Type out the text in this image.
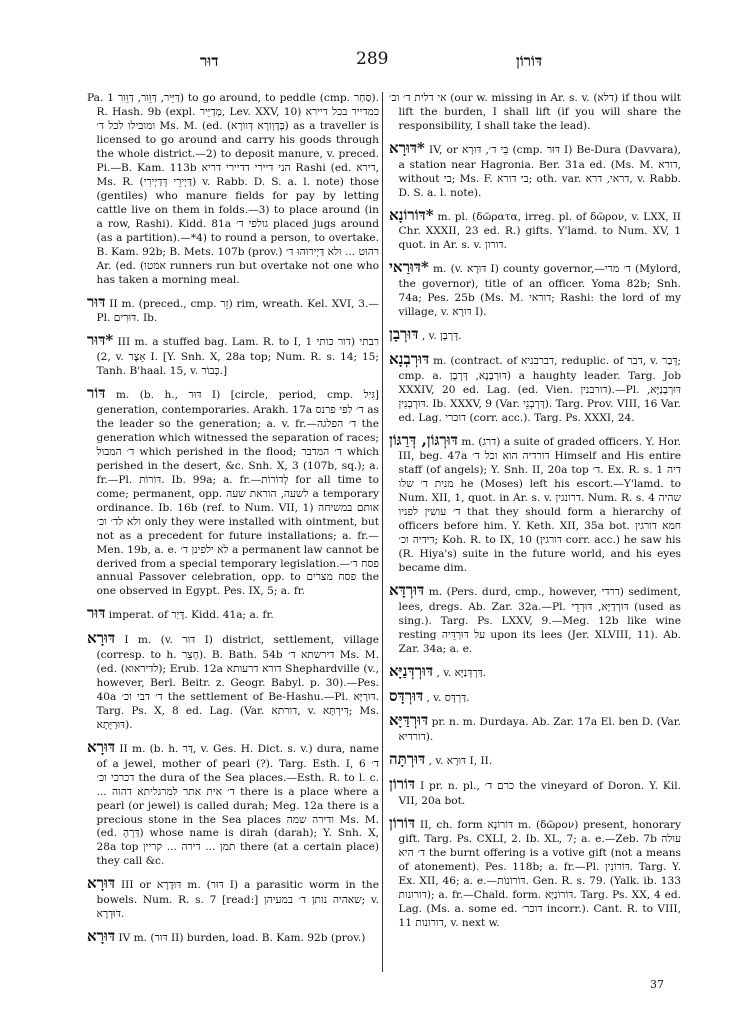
דוּר	289	דּוֹרוֹן

Pa. דַּיֵּיר, דַּוֵּור, דַּוֵּור 1) to go around, to peddle (cmp. סַחַר). R. Hash. 9b (expl. מְדַיֵּיר, Lev. XXV, 10) כמדייר בכל דיירא ומובילו לכל ד׳ Ms. M. (ed. (בְּדָוְורָא דְּווֹרָא) as a traveller is licensed to go around and carry his goods through the whole district.—2) to deposit manure, v. preced. Pi.—B. Kam. 113b הני דיירי דדיירי דריא Rashi (ed. דירא, Ms. R. (דַּיְירֵי דְּדַיְירִי) v. Rabb. D. S. a. l. note) those (gentiles) who manure fields for pay by letting cattle live on them in folds.—3) to place around (in a row, Rashi). Kidd. 81a גולפי ד׳ placed jugs around (as a partition).—*4) to round a person, to overtake. B. Kam. 92b; B. Mets. 107b (prov.) רהוט ... ולא דַּיְירוּהוּ ד׳ Ar. (ed. (אמטו runners run but overtake not one who has taken a morning meal.

דּוּר II m. (preced., cmp. זֵר) rim, wreath. Kel. XVI, 3.— Pl. דּוּרִים. Ib.

*דּוּר III m. a stuffed bag. Lam. R. to I, 1 רבתי (דור כותי 2), v. אָצֶר I. [Y. Snh. X, 28a top; Num. R. s. 14; 15; Tanh. B'haal. 15, v. כְּבוֹר.]

דּוֹר m. (b. h., דּוּר I) [circle, period, cmp. גִּיל] generation, contemporaries. Arakh. 17a ד׳ לפי פרנס as the leader so the generation; a. v. fr.—ד׳ הפלגה the generation which witnessed the separation of races; ד׳ המבול which perished in the flood; ד׳ המדבר which perished in the desert, &c. Snh. X, 3 (107b, sq.); a. fr.—Pl. דּוֹרוֹת. Ib. 99a; a. fr.—לְדוֹרוֹת for all time to come; permanent, opp. לשעה, הוראת שעה a temporary ordinance. Ib. 16b (ref. to Num. VII, 1) אותם במשיחה ולא לד׳ וכ׳ only they were installed with ointment, but not as a precedent for future installations; a. fr.—Men. 19b, a. e. לא ילפינן ד׳ a permanent law cannot be derived from a special temporary legislation.—פסח ד׳ annual Passover celebration, opp. to פסח מצרים the one observed in Egypt. Pes. IX, 5; a. fr.

דּוּר imperat. of דָּיַר. Kidd. 41a; a. fr.

דּוּרָא I m. (v. דּוּר I) district, settlement, village (corresp. to h. חָצֵר). B. Bath. 54b דירשתא ד׳ Ms. M. (ed. (לדיראוא); Erub. 12a דורא דרעותא Shephardville (v., however, Berl. Beitr. z. Geogr. Babyl. p. 30).—Pes. 40a ד׳ דבי וכ׳ the settlement of Be-Hashu.—Pl. דּוּרַיָּא. Targ. Ps. X, 8 ed. Lag. (Var. דורתא, v. דִּירְתָּא; Ms. דּוּרַיָּתָא).

דּוּרָא II m. (b. h. דַּר, v. Ges. H. Dict. s. v.) dura, name of a jewel, mother of pearl (?). Targ. Esth. I, 6 ד׳ דכרכי וכ׳ the dura of the Sea places.—Esth. R. to l. c. ... ד׳ אית אתר למרגליתא דהוה there is a place where a pearl (or jewel) is called durah; Meg. 12a there is a precious stone in the Sea places ודירה שמה Ms. M. (ed. דַּרְהָ) whose name is dirah (darah); Y. Snh. X, 28a top תמן ... דירה ... קריין there (at a certain place) they call &c.

דּוּרָא III or דּוּדָרָא m. (דּוּר I) a parasitic worm in the bowels. Num. R. s. 7 [read:] שאהיה נותן ד׳ במעיהן; v. דּוּדְרָא.

דּוּרָא IV m. (דּוּר II) burden, load. B. Kam. 92b (prov.)

אי דלית ד׳ וכ׳ (our w. missing in Ar. s. v. (דלא) if thou wilt lift the burden, I shall lift (if you will share the responsibility, I shall take the lead).

*דּוּרָא IV, or בֵּי ד׳, דּוּרָא (cmp. דּוּר I) Be-Dura (Davvara), a station near Hagronia. Ber. 31a ed. (Ms. M. דורא, without בי; Ms. F. בי דורא; oth. var. דראי, דרא, v. Rabb. D. S. a. l. note).

*דּוֹרוֹנָא m. pl. (δῶρατα, irreg. pl. of δῶρον, v. LXX, II Chr. XXXII, 23 ed. R.) gifts. Y'lamd. to Num. XV, 1 quot. in Ar. s. v. דורון.

*דּוּרַאי m. (v. דּוּרָא I) county governor,—ד׳ מרי (Mylord, the governor), title of an officer. Yoma 82b; Snh. 74a; Pes. 25b (Ms. M. דוראי; Rashi: the lord of my village, v. דּוּרָא I).

דּוּרְבָן , v. דָּרְבָן.

דּוּרְבְנָא m. (contract. of דברבניא, reduplic. of דבר, v. דְּבַר; cmp. a. דּוּרְבָנָא, דָּרְבָן) a haughty leader. Targ. Job XXXIV, 20 ed. Lag. (ed. Vien. דורבנין).—Pl. דּוּרְבְנַיָּא, דּוּרְבְנִין. Ib. XXXV, 9 (Var. דָּרְבְנֵי). Targ. Prov. VIII, 16 Var. ed. Lag. דוכרי (corr. acc.). Targ. Ps. XXXI, 24.

דּוּרְגּוֹן, דְּרַגּוֹן m. (דרג) a suite of graded officers. Y. Hor. III, beg. 47a דורדיה הוא וכל ד׳ Himself and His entire staff (of angels); Y. Snh. II, 20a top ד׳. Ex. R. s. 1 דיה מנית ד׳ שלו he (Moses) left his escort.—Y'lamd. to Num. XII, 1, quot. in Ar. s. v. דרונגין. Num. R. s. 4 שהיה ד׳ עושין לפניו that they should form a hierarchy of officers before him. Y. Keth. XII, 35a bot. חמא דורגין דידיה וכ׳; Koh. R. to IX, 10 (דורגין corr. acc.) he saw his (R. Hiya's) suite in the future world, and his eyes became dim.

דּוּרְדָּא m. (Pers. durd, cmp., however, דרדי) sediment, lees, dregs. Ab. Zar. 32a.—Pl. דּוּרְדַיָּא, דּוּרְדֵי (used as sing.). Targ. Ps. LXXV, 9.—Meg. 12b like wine resting על דּוּרְדֵּיה upon its lees (Jer. XLVIII, 11). Ab. Zar. 34a; a. e.

דּוּרְדְּנַיָּא , v. דַּרְדְּנַיָּא.

דּוּרְדָּס , v. דַּרְדָּס.

דּוּרְדַּיָּא pr. n. m. Durdaya. Ab. Zar. 17a El. ben D. (Var. דורדיא).

דּוּרְתָּה , v. דּוּרָא I, II.

דּוֹרוֹן I pr. n. pl., כרם ד׳ the vineyard of Doron. Y. Kil. VII, 20a bot.

דּוֹרוֹן II, ch. form דּוֹרוֹנָא m. (δῶρον) present, honorary gift. Targ. Ps. CXLI, 2. Ib. XL, 7; a. e.—Zeb. 7b עולה ד׳ היא the burnt offering is a votive gift (not a means of atonement). Pes. 118b; a. fr.—Pl. דּוֹרוֹנִין. Targ. Y. Ex. XII, 46; a. e.—דּוֹרוֹנוֹת. Gen. R. s. 79. (Yalk. ib. 133 דורונות); a. fr.—Chald. form. דּוֹרוֹנַיָּא. Targ. Ps. XX, 4 ed. Lag. (Ms. a. some ed. דוכר׳ incorr.). Cant. R. to VIII, 11 דורונות, v. next w.

37
